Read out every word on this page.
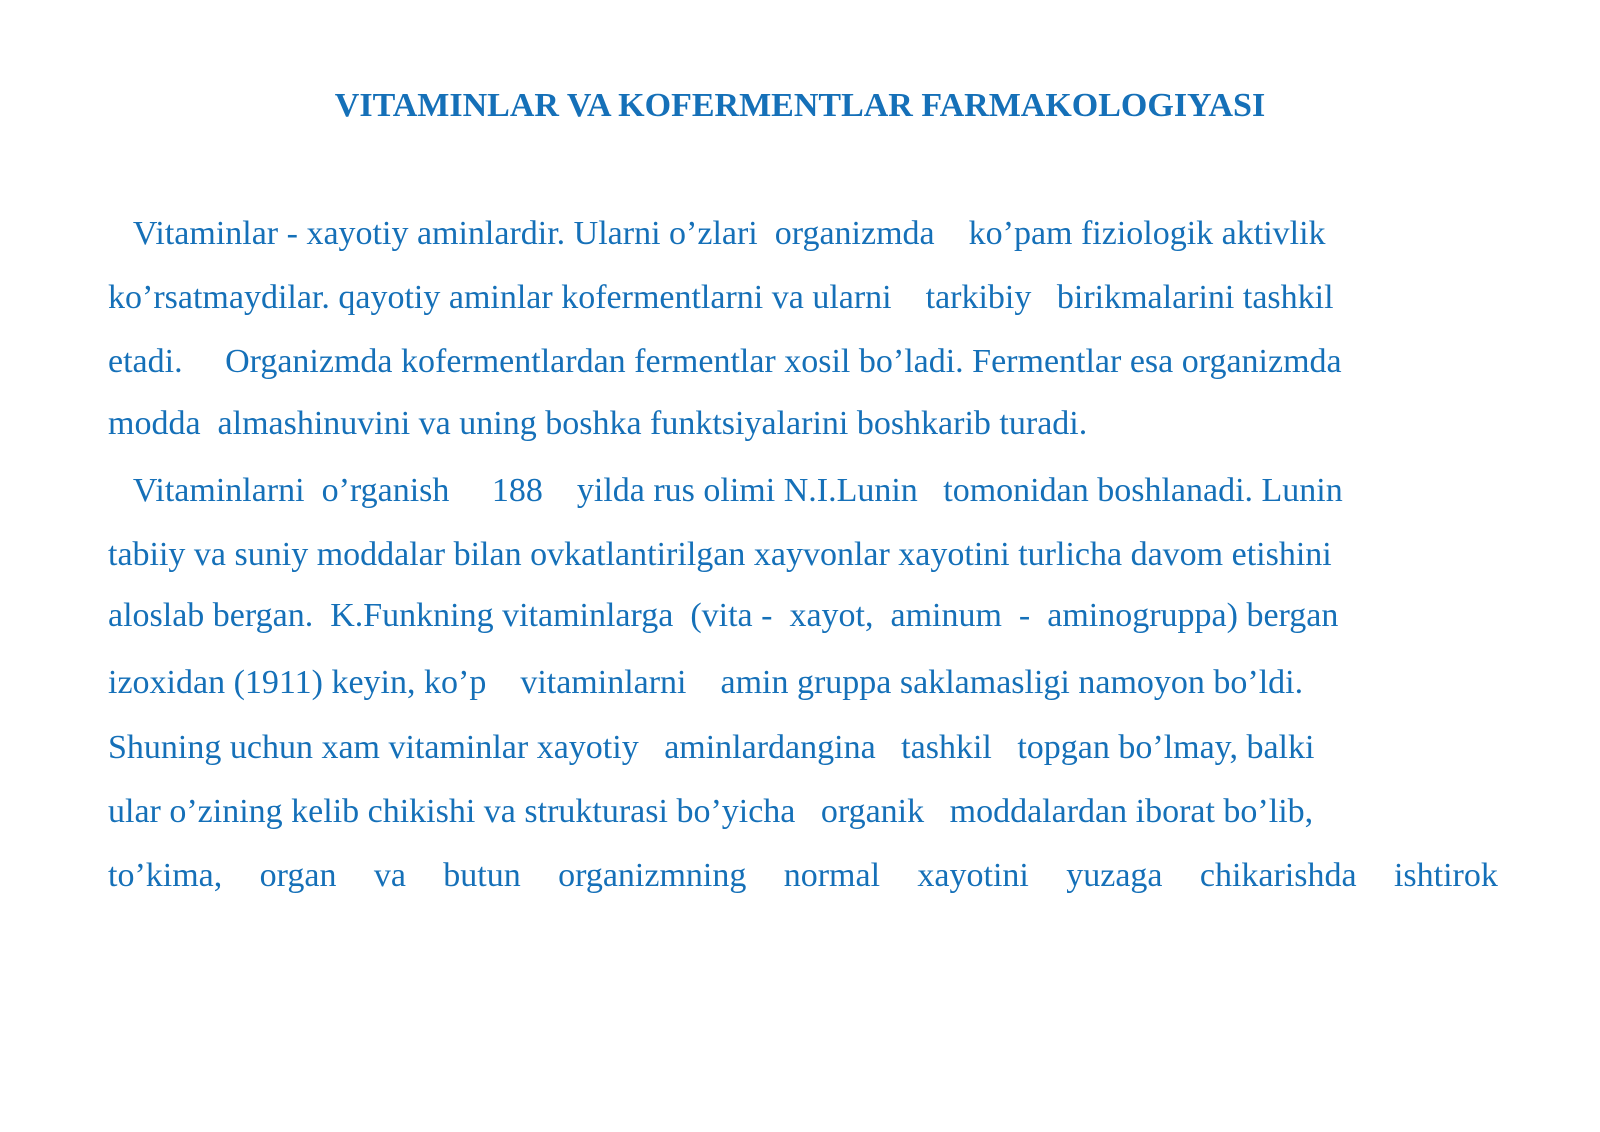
VITAMINLAR VA KOFERMENTLAR FARMAKOLOGIYASI

Vitaminlar - xayotiy aminlardir. Ularni o’zlari  organizmda    ko’pam fiziologik aktivlik

ko’rsatmaydilar. qayotiy aminlar kofermentlarni va ularni    tarkibiy   birikmalarini tashkil

etadi.     Organizmda kofermentlardan fermentlar xosil bo’ladi. Fermentlar esa organizmda

modda  almashinuvini va uning boshka funktsiyalarini boshkarib turadi.

Vitaminlarni  o’rganish     188    yilda rus olimi N.I.Lunin   tomonidan boshlanadi. Lunin

tabiiy va suniy moddalar bilan ovkatlantirilgan xayvonlar xayotini turlicha davom etishini

aloslab bergan.  K.Funkning vitaminlarga  (vita -  xayot,  aminum  -  aminogruppa) bergan

izoxidan (1911) keyin, ko’p    vitaminlarni    amin gruppa saklamasligi namoyon bo’ldi.

Shuning uchun xam vitaminlar xayotiy   aminlardangina   tashkil   topgan bo’lmay, balki

ular o’zining kelib chikishi va strukturasi bo’yicha   organik   moddalardan iborat bo’lib,

to’kima, organ va butun organizmning normal xayotini yuzaga chikarishda ishtirok
